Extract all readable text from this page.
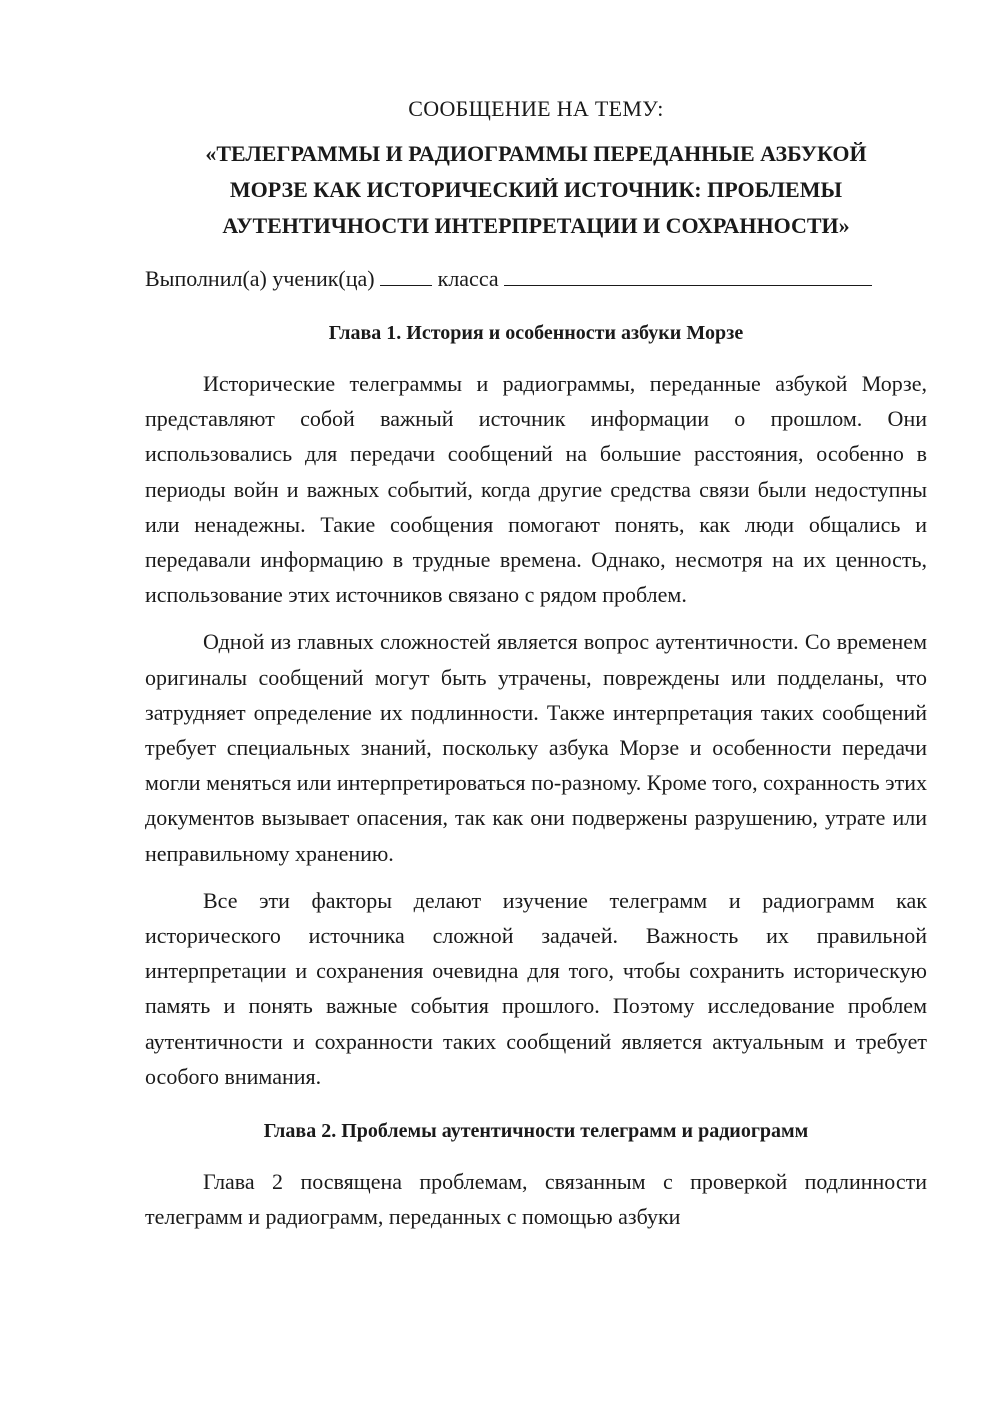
СООБЩЕНИЕ НА ТЕМУ:
«ТЕЛЕГРАММЫ И РАДИОГРАММЫ ПЕРЕДАННЫЕ АЗБУКОЙ
МОРЗЕ КАК ИСТОРИЧЕСКИЙ ИСТОЧНИК: ПРОБЛЕМЫ
АУТЕНТИЧНОСТИ ИНТЕРПРЕТАЦИИ И СОХРАННОСТИ»
Выполнил(а) ученик(ца)	класса
Глава 1. История и особенности азбуки Морзе

Исторические телеграммы и радиограммы, переданные азбукой Морзе, представляют собой важный источник информации о прошлом. Они использовались для передачи сообщений на большие расстояния, особенно в периоды войн и важных событий, когда другие средства связи были недоступны или ненадежны. Такие сообщения помогают понять, как люди общались и передавали информацию в трудные времена. Однако, несмотря на их ценность, использование этих источников связано с рядом проблем.

Одной из главных сложностей является вопрос аутентичности. Со временем оригиналы сообщений могут быть утрачены, повреждены или подделаны, что затрудняет определение их подлинности. Также интерпретация таких сообщений требует специальных знаний, поскольку азбука Морзе и особенности передачи могли меняться или интерпретироваться по-разному. Кроме того, сохранность этих документов вызывает опасения, так как они подвержены разрушению, утрате или неправильному хранению.

Все эти факторы делают изучение телеграмм и радиограмм как исторического источника сложной задачей. Важность их правильной интерпретации и сохранения очевидна для того, чтобы сохранить историческую память и понять важные события прошлого. Поэтому исследование проблем аутентичности и сохранности таких сообщений является актуальным и требует особого внимания.

Глава 2. Проблемы аутентичности телеграмм и радиограмм

Глава 2 посвящена проблемам, связанным с проверкой подлинности телеграмм и радиограмм, переданных с помощью азбуки
